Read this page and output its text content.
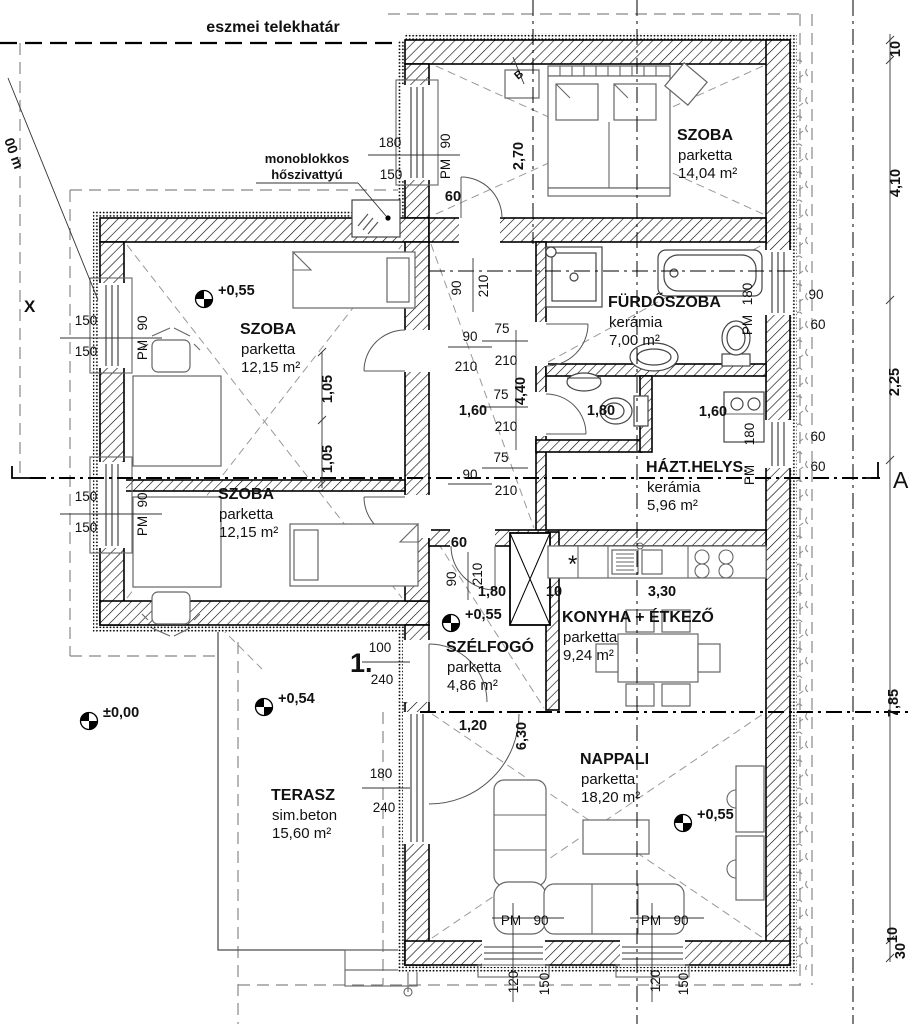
eszmei telekhatár
monoblokkos
hőszivattyú
1.
A
B
X
00 m
*
SZOBA
parketta
14,04 m²
SZOBA
parketta
12,15 m²
SZOBA
parketta
12,15 m²
FÜRDŐSZOBA
kerámia
7,00 m²
HÁZT.HELYS.
kerámia
5,96 m²
KONYHA + ÉTKEZŐ
parketta
9,24 m²
SZÉLFOGÓ
parketta
4,86 m²
NAPPALI
parketta
18,20 m²
TERASZ
sim.beton
15,60 m²
+0,55
+0,55
+0,55
+0,54
±0,00
180
150
90
PM
60
2,70
90 210
90
75
210 210
75
1,60	1,80	1,60
4,40
210
75
90
210
180
PM
90
60
180
PM
60
60
150
150
90
PM
150
150
90
PM
1,05
1,05
60
90 210
1,80	10	3,30
100
240
1,20 6,30
180
240
PM 90	PM 90
120 150	120 150
10
4,10
2,25
7,85
10
30
